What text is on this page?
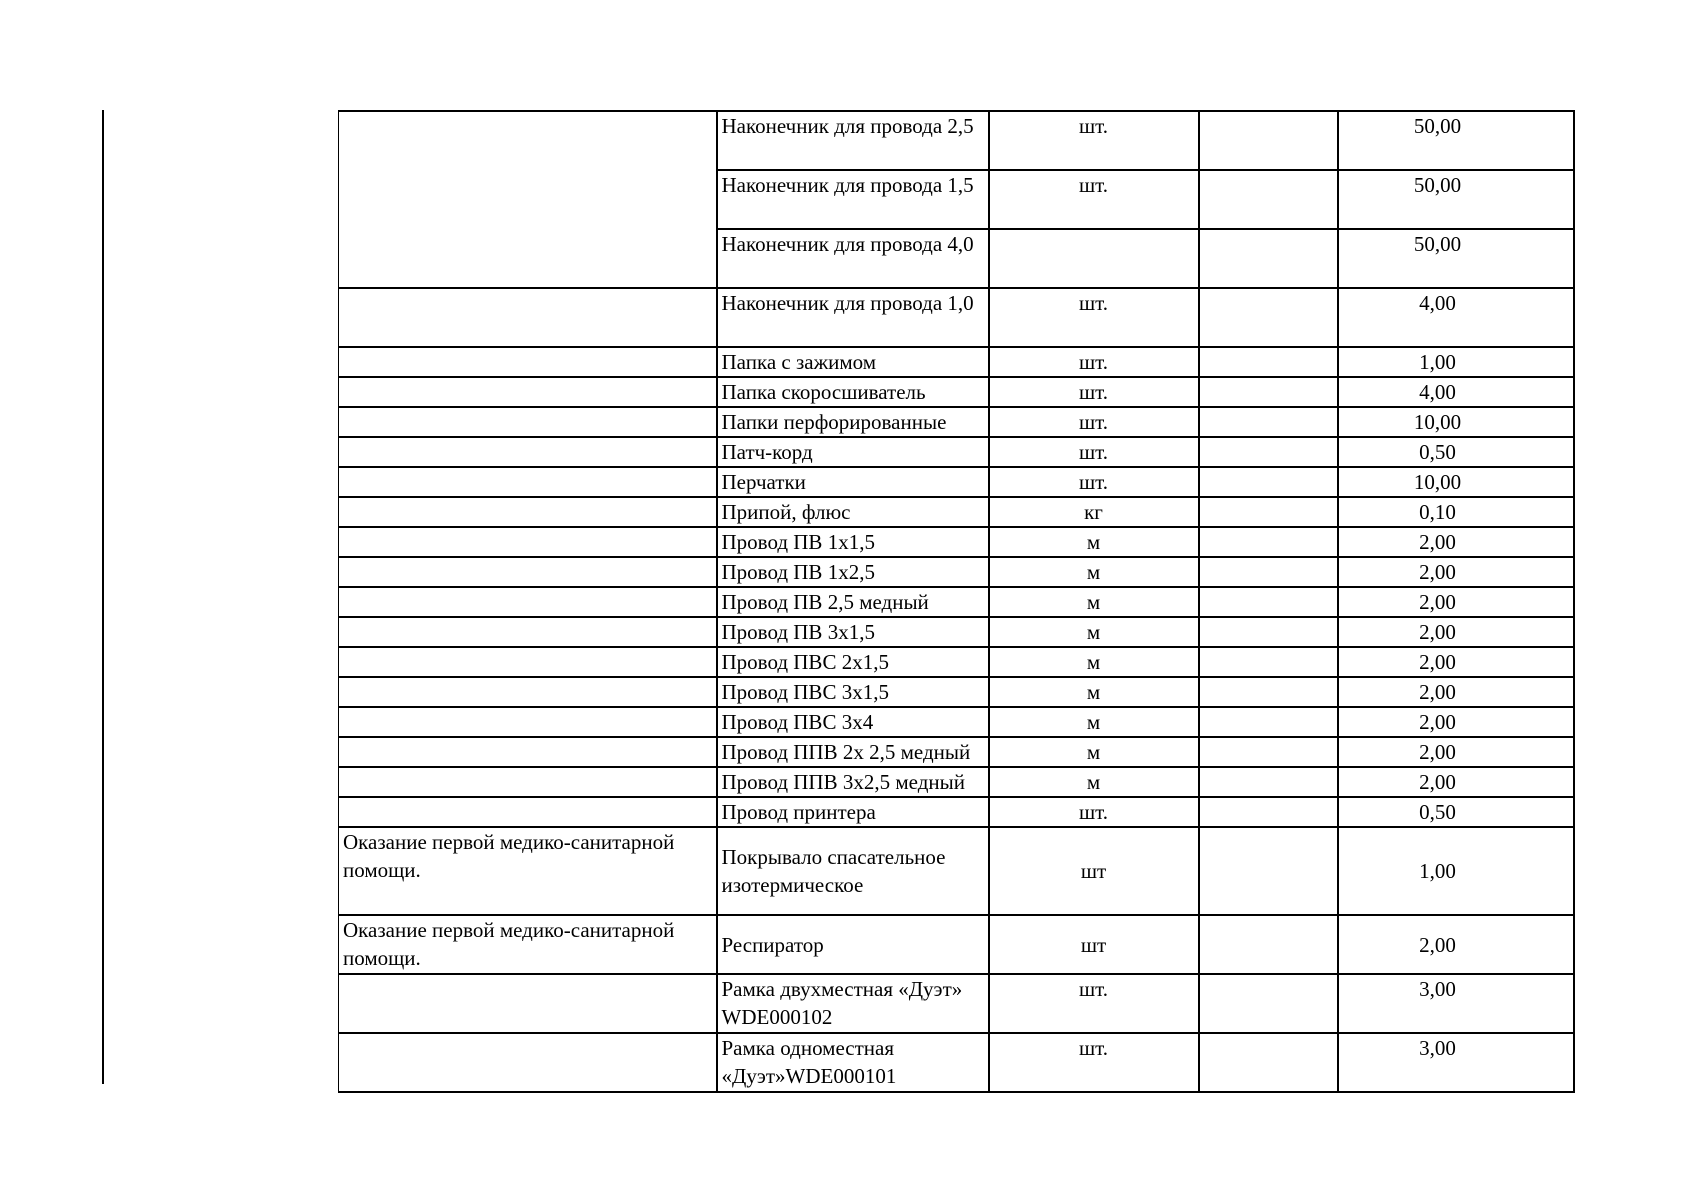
	Наконечник для провода 2,5	шт.		50,00
	Наконечник для провода 1,5	шт.		50,00
	Наконечник для провода 4,0			50,00
	Наконечник для провода 1,0	шт.		4,00
	Папка с зажимом	шт.		1,00
	Папка скоросшиватель	шт.		4,00
	Папки перфорированные	шт.		10,00
	Патч-корд	шт.		0,50
	Перчатки	шт.		10,00
	Припой, флюс	кг		0,10
	Провод ПВ 1х1,5	м		2,00
	Провод ПВ 1х2,5	м		2,00
	Провод ПВ 2,5 медный	м		2,00
	Провод ПВ 3х1,5	м		2,00
	Провод ПВС 2х1,5	м		2,00
	Провод ПВС 3х1,5	м		2,00
	Провод ПВС 3х4	м		2,00
	Провод ППВ 2х 2,5 медный	м		2,00
	Провод ППВ 3х2,5 медный	м		2,00
	Провод принтера	шт.		0,50
Оказание первой медико-санитарной помощи.	Покрывало спасательное изотермическое	шт		1,00
Оказание первой медико-санитарной помощи.	Респиратор	шт		2,00
	Рамка двухместная «Дуэт» WDE000102	шт.		3,00
	Рамка одноместная «Дуэт»WDE000101	шт.		3,00
